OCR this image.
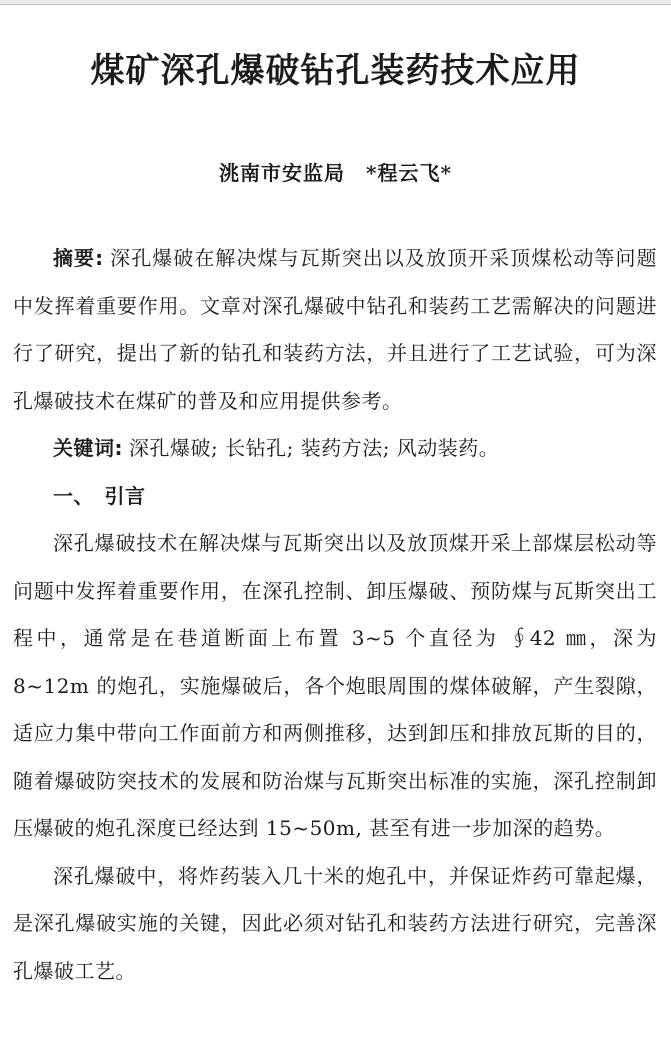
煤矿深孔爆破钻孔装药技术应用
洮南市安监局　*程云飞*

摘要: 深孔爆破在解决煤与瓦斯突出以及放顶开采顶煤松动等问题中发挥着重要作用。文章对深孔爆破中钻孔和装药工艺需解决的问题进行了研究，提出了新的钻孔和装药方法，并且进行了工艺试验，可为深孔爆破技术在煤矿的普及和应用提供参考。

关键词: 深孔爆破; 长钻孔; 装药方法; 风动装药。

一、　引言

深孔爆破技术在解决煤与瓦斯突出以及放顶煤开采上部煤层松动等问题中发挥着重要作用，在深孔控制、卸压爆破、预防煤与瓦斯突出工程中，通常是在巷道断面上布置 3~5 个直径为 ∮42 ㎜，深为 8~12m 的炮孔，实施爆破后，各个炮眼周围的煤体破解，产生裂隙，适应力集中带向工作面前方和两侧推移，达到卸压和排放瓦斯的目的，随着爆破防突技术的发展和防治煤与瓦斯突出标准的实施，深孔控制卸压爆破的炮孔深度已经达到 15~50m, 甚至有进一步加深的趋势。

深孔爆破中，将炸药装入几十米的炮孔中，并保证炸药可靠起爆，是深孔爆破实施的关键，因此必须对钻孔和装药方法进行研究，完善深孔爆破工艺。
